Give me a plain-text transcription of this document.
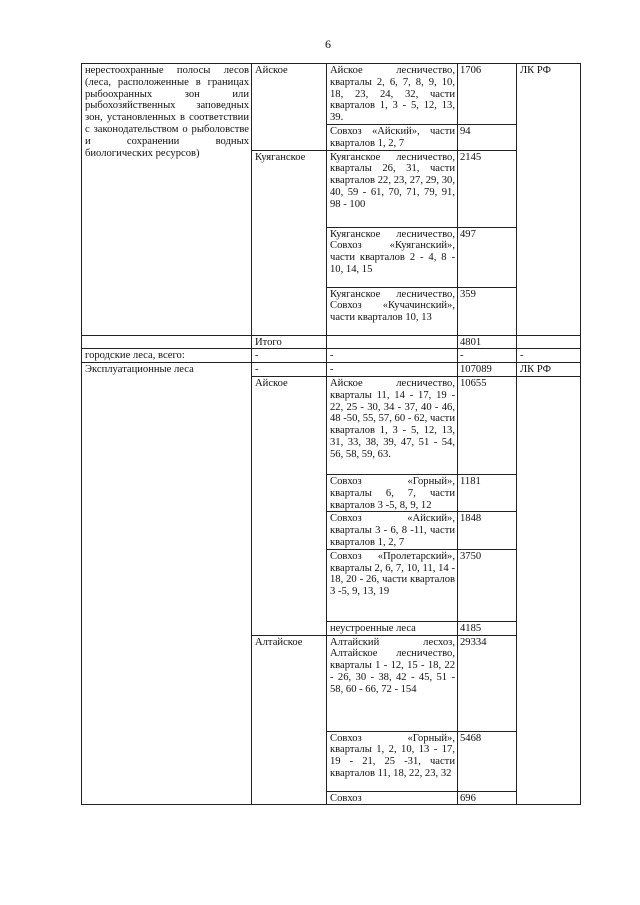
6
нерестоохранные полосы лесов (леса, расположенные в границах рыбоохранных зон или рыбохозяйственных заповедных зон, установленных в соответствии с законодательством о рыболовстве и сохранении водных биологических ресурсов)	Айское	Айское лесничество, кварталы 2, 6, 7, 8, 9, 10, 18, 23, 24, 32, части кварталов 1, 3 - 5, 12, 13, 39.	1706	ЛК РФ
		Совхоз «Айский», части кварталов 1, 2, 7	94	
	Куяганское	Куяганское лесничество, кварталы 26, 31, части кварталов 22, 23, 27, 29, 30, 40, 59 - 61, 70, 71, 79, 91, 98 - 100	2145	
		Куяганское лесничество, Совхоз «Куяганский», части кварталов 2 - 4, 8 - 10, 14, 15	497	
		Куяганское лесничество, Совхоз «Кучачинский», части кварталов 10, 13	359	
	Итого		4801	
городские леса, всего:	-	-	-	-
Эксплуатационные леса	-	-	107089	ЛК РФ
	Айское	Айское лесничество, кварталы 11, 14 - 17, 19 - 22, 25 - 30, 34 - 37, 40 - 46, 48 -50, 55, 57, 60 - 62, части кварталов 1, 3 - 5, 12, 13, 31, 33, 38, 39, 47, 51 - 54, 56, 58, 59, 63.	10655	
		Совхоз «Горный», кварталы 6, 7, части кварталов 3 -5, 8, 9, 12	1181	
		Совхоз «Айский», кварталы 3 - 6, 8 -11, части кварталов 1, 2, 7	1848	
		Совхоз «Пролетарский», кварталы 2, 6, 7, 10, 11, 14 - 18, 20 - 26, части кварталов 3 -5, 9, 13, 19	3750	
		неустроенные леса	4185	
	Алтайское	Алтайский лесхоз, Алтайское лесничество, кварталы 1 - 12, 15 - 18, 22 - 26, 30 - 38, 42 - 45, 51 - 58, 60 - 66, 72 - 154	29334	
		Совхоз «Горный», кварталы 1, 2, 10, 13 - 17, 19 - 21, 25 -31, части кварталов 11, 18, 22, 23, 32	5468	
		Совхоз	696	
